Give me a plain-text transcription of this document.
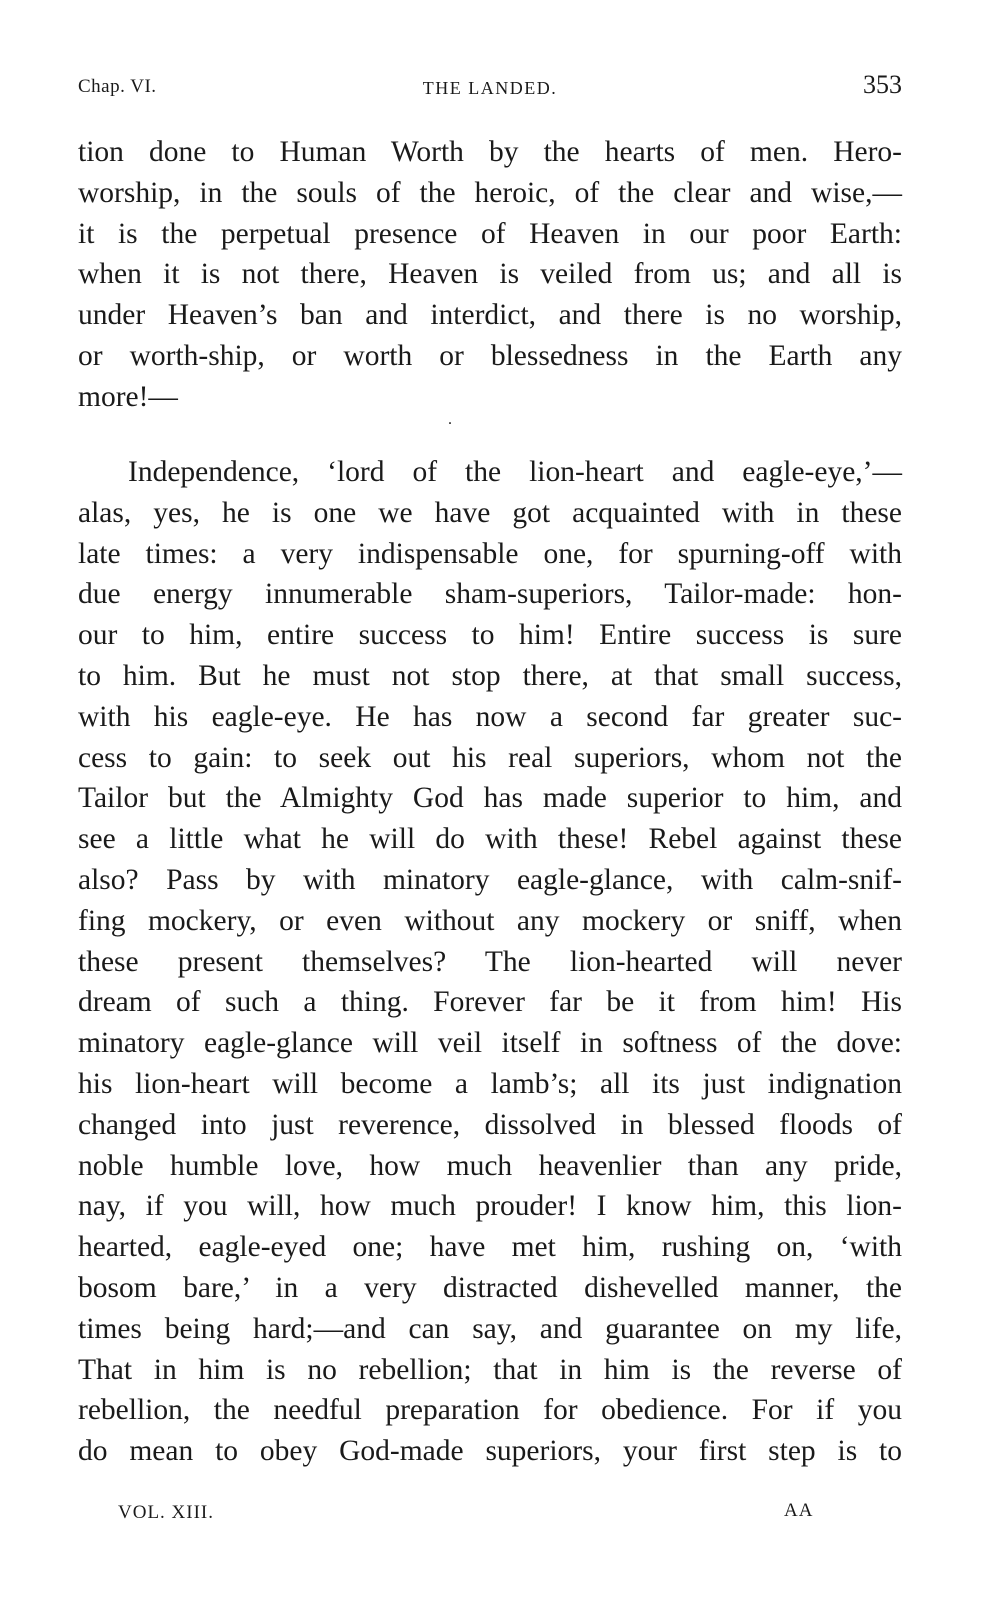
Chap. VI.	THE LANDED.	353
tion done to Human Worth by the hearts of men. Hero-
worship, in the souls of the heroic, of the clear and wise,—
it is the perpetual presence of Heaven in our poor Earth:
when it is not there, Heaven is veiled from us; and all is
under Heaven’s ban and interdict, and there is no worship,
or worth-ship, or worth or blessedness in the Earth any
more!—
.
Independence, ‘lord of the lion-heart and eagle-eye,’—
alas, yes, he is one we have got acquainted with in these
late times: a very indispensable one, for spurning-off with
due energy innumerable sham-superiors, Tailor-made: hon-
our to him, entire success to him! Entire success is sure
to him. But he must not stop there, at that small success,
with his eagle-eye. He has now a second far greater suc-
cess to gain: to seek out his real superiors, whom not the
Tailor but the Almighty God has made superior to him, and
see a little what he will do with these! Rebel against these
also? Pass by with minatory eagle-glance, with calm-snif-
fing mockery, or even without any mockery or sniff, when
these present themselves? The lion-hearted will never
dream of such a thing. Forever far be it from him! His
minatory eagle-glance will veil itself in softness of the dove:
his lion-heart will become a lamb’s; all its just indignation
changed into just reverence, dissolved in blessed floods of
noble humble love, how much heavenlier than any pride,
nay, if you will, how much prouder! I know him, this lion-
hearted, eagle-eyed one; have met him, rushing on, ‘with
bosom bare,’ in a very distracted dishevelled manner, the
times being hard;—and can say, and guarantee on my life,
That in him is no rebellion; that in him is the reverse of
rebellion, the needful preparation for obedience. For if you
do mean to obey God-made superiors, your first step is to
VOL. XIII.	AA
